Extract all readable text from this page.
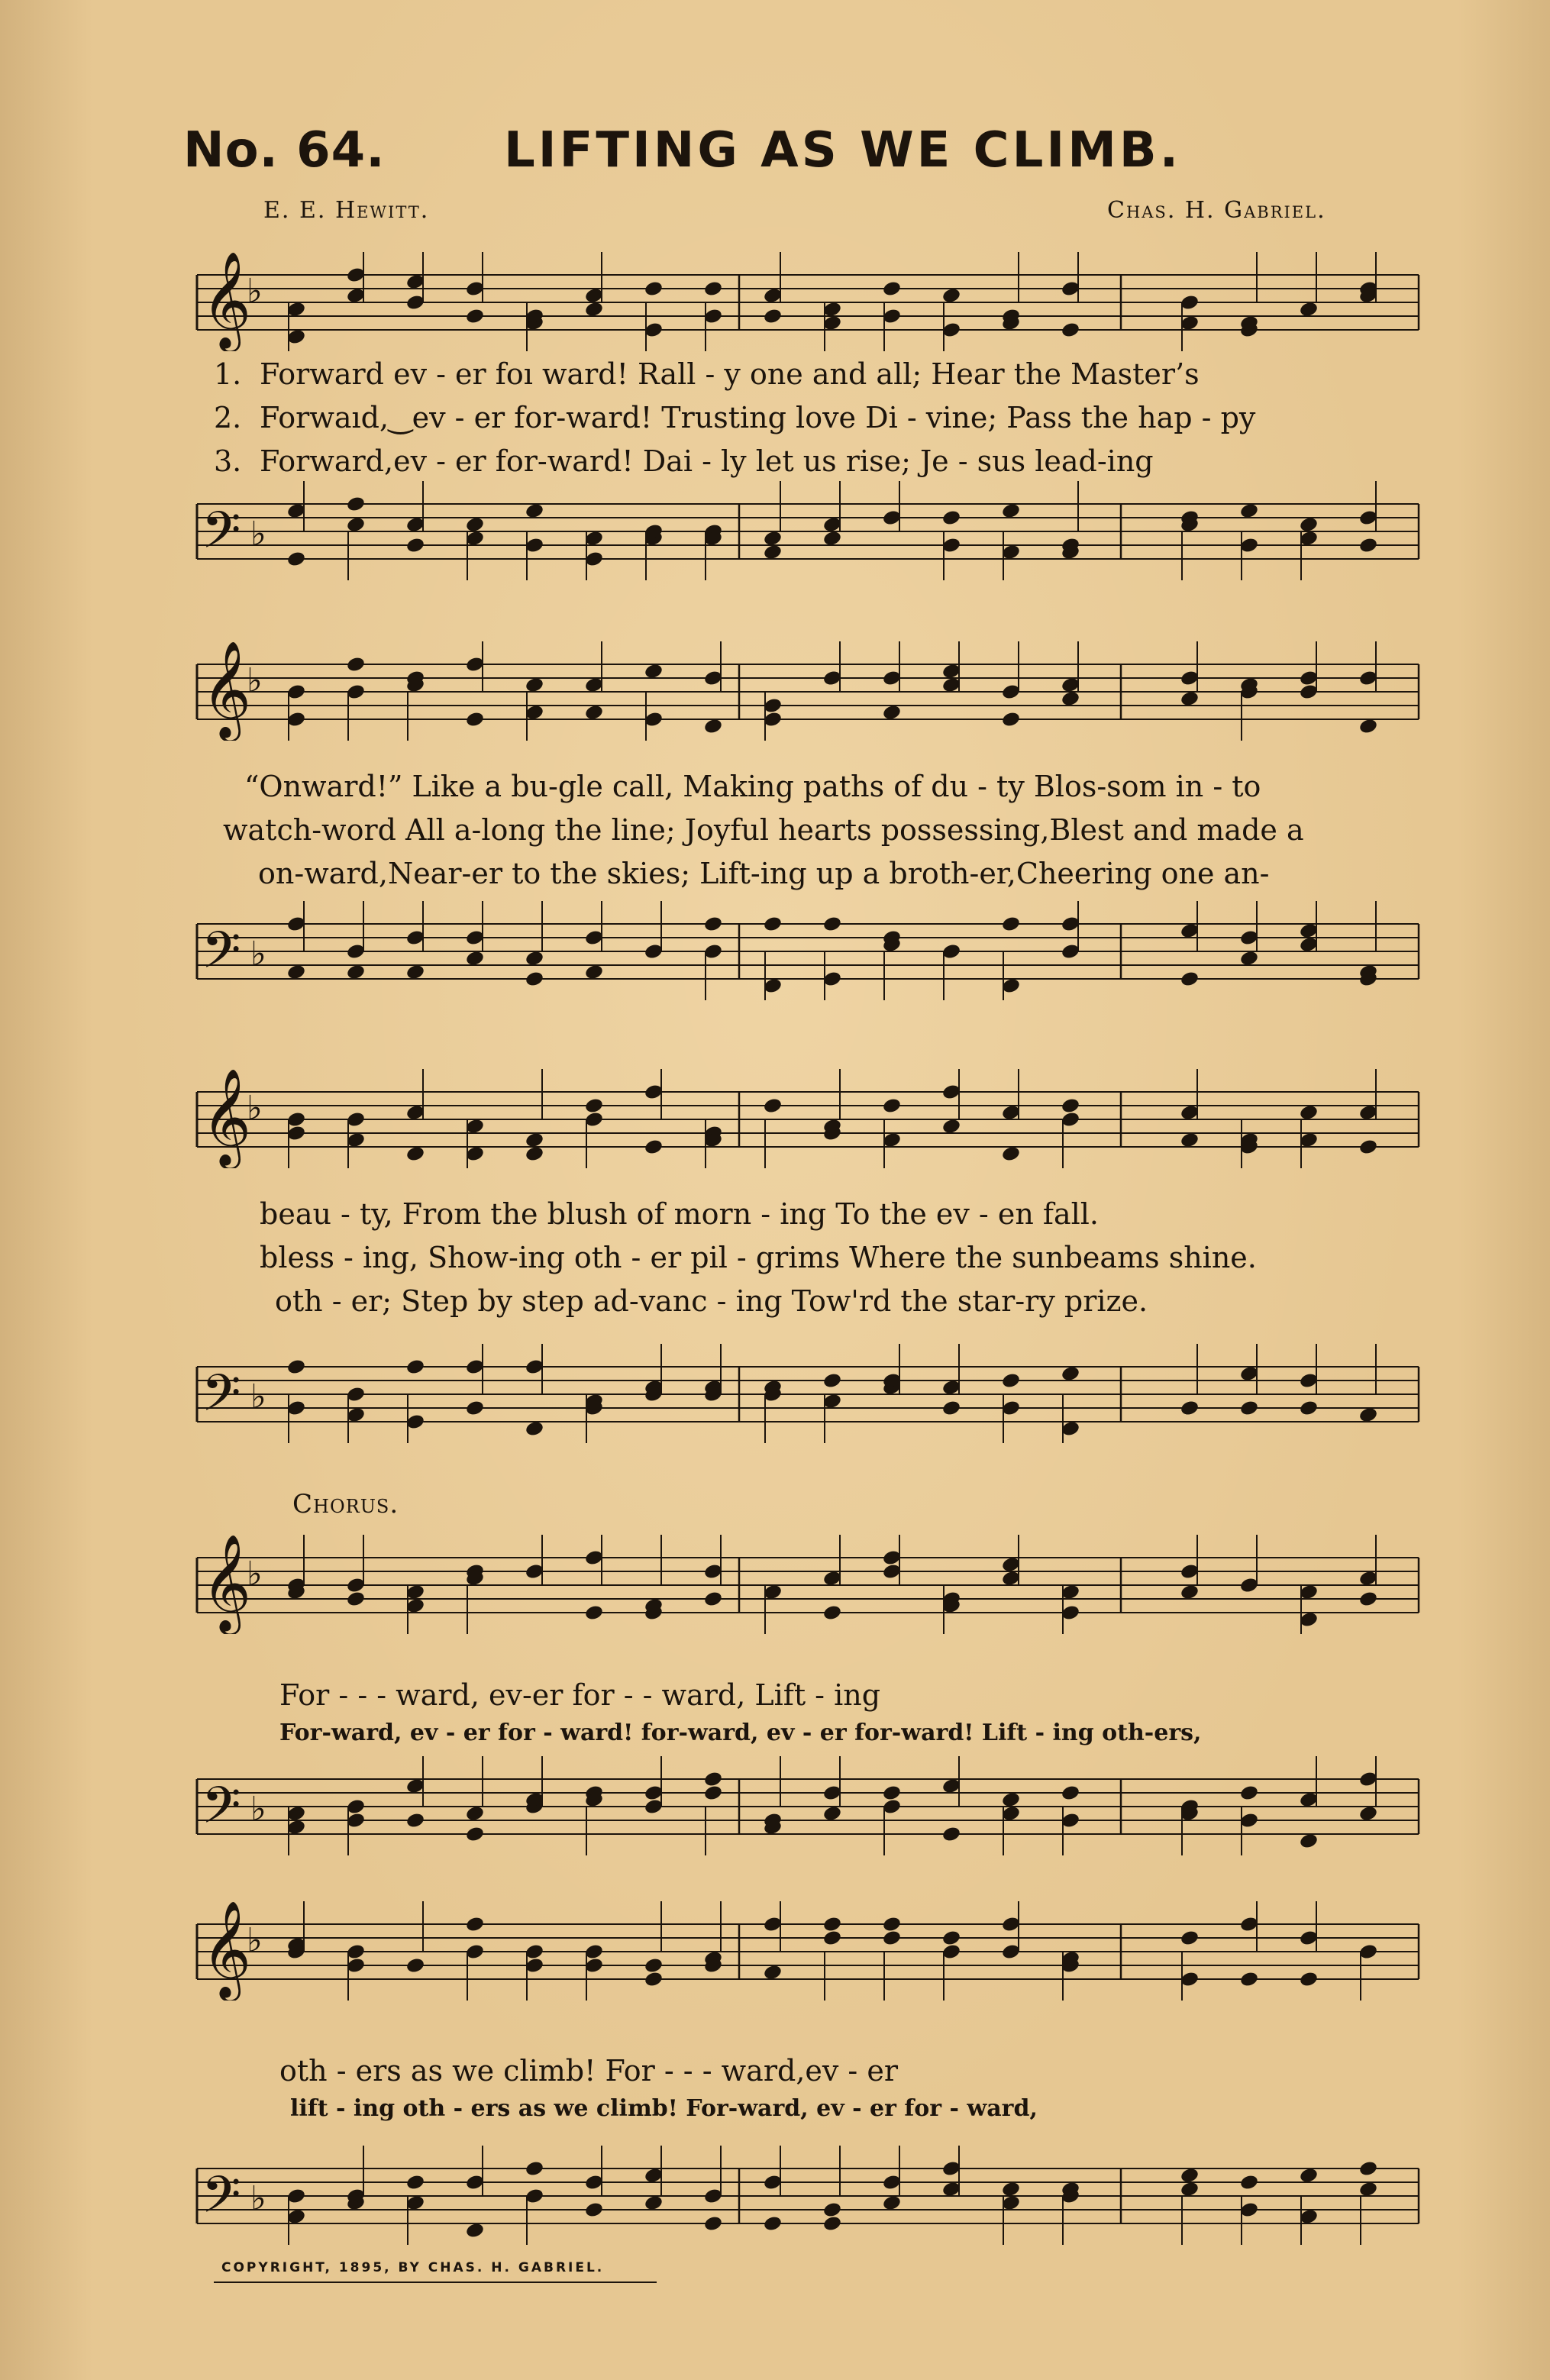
No. 64. LIFTING AS WE CLIMB.
E. E. Hewitt.	Chas. H. Gabriel.
𝄞
♭
1. Forward ev - er foı ward! Rall - y one and all; Hear the Master’s
2. Forwaıd,‿ev - er for-ward! Trusting love Di - vine; Pass the hap - py
3. Forward,ev - er for-ward! Dai - ly let us rise; Je - sus lead-ing
𝄢 ♭
𝄞
♭
“Onward!” Like a bu-gle call, Making paths of du - ty Blos-som in - to
watch-word All a-long the line; Joyful hearts possessing,Blest and made a
on-ward,Near-er to the skies; Lift-ing up a broth-er,Cheering one an-
𝄢 ♭
𝄞
♭
beau - ty, From the blush of morn - ing To the ev - en fall.
bless - ing, Show-ing oth - er pil - grims Where the sunbeams shine.
oth - er; Step by step ad-vanc - ing Tow'rd the star-ry prize.
𝄢 ♭
Chorus.
𝄞
♭
For - - - ward, ev-er for - - ward, Lift - ing
For-ward, ev - er for - ward! for-ward, ev - er for-ward! Lift - ing oth-ers,
𝄢 ♭
𝄞
♭
oth - ers as we climb! For - - - ward,ev - er
lift - ing oth - ers as we climb! For-ward, ev - er for - ward,
𝄢 ♭
COPYRIGHT, 1895, BY CHAS. H. GABRIEL.
